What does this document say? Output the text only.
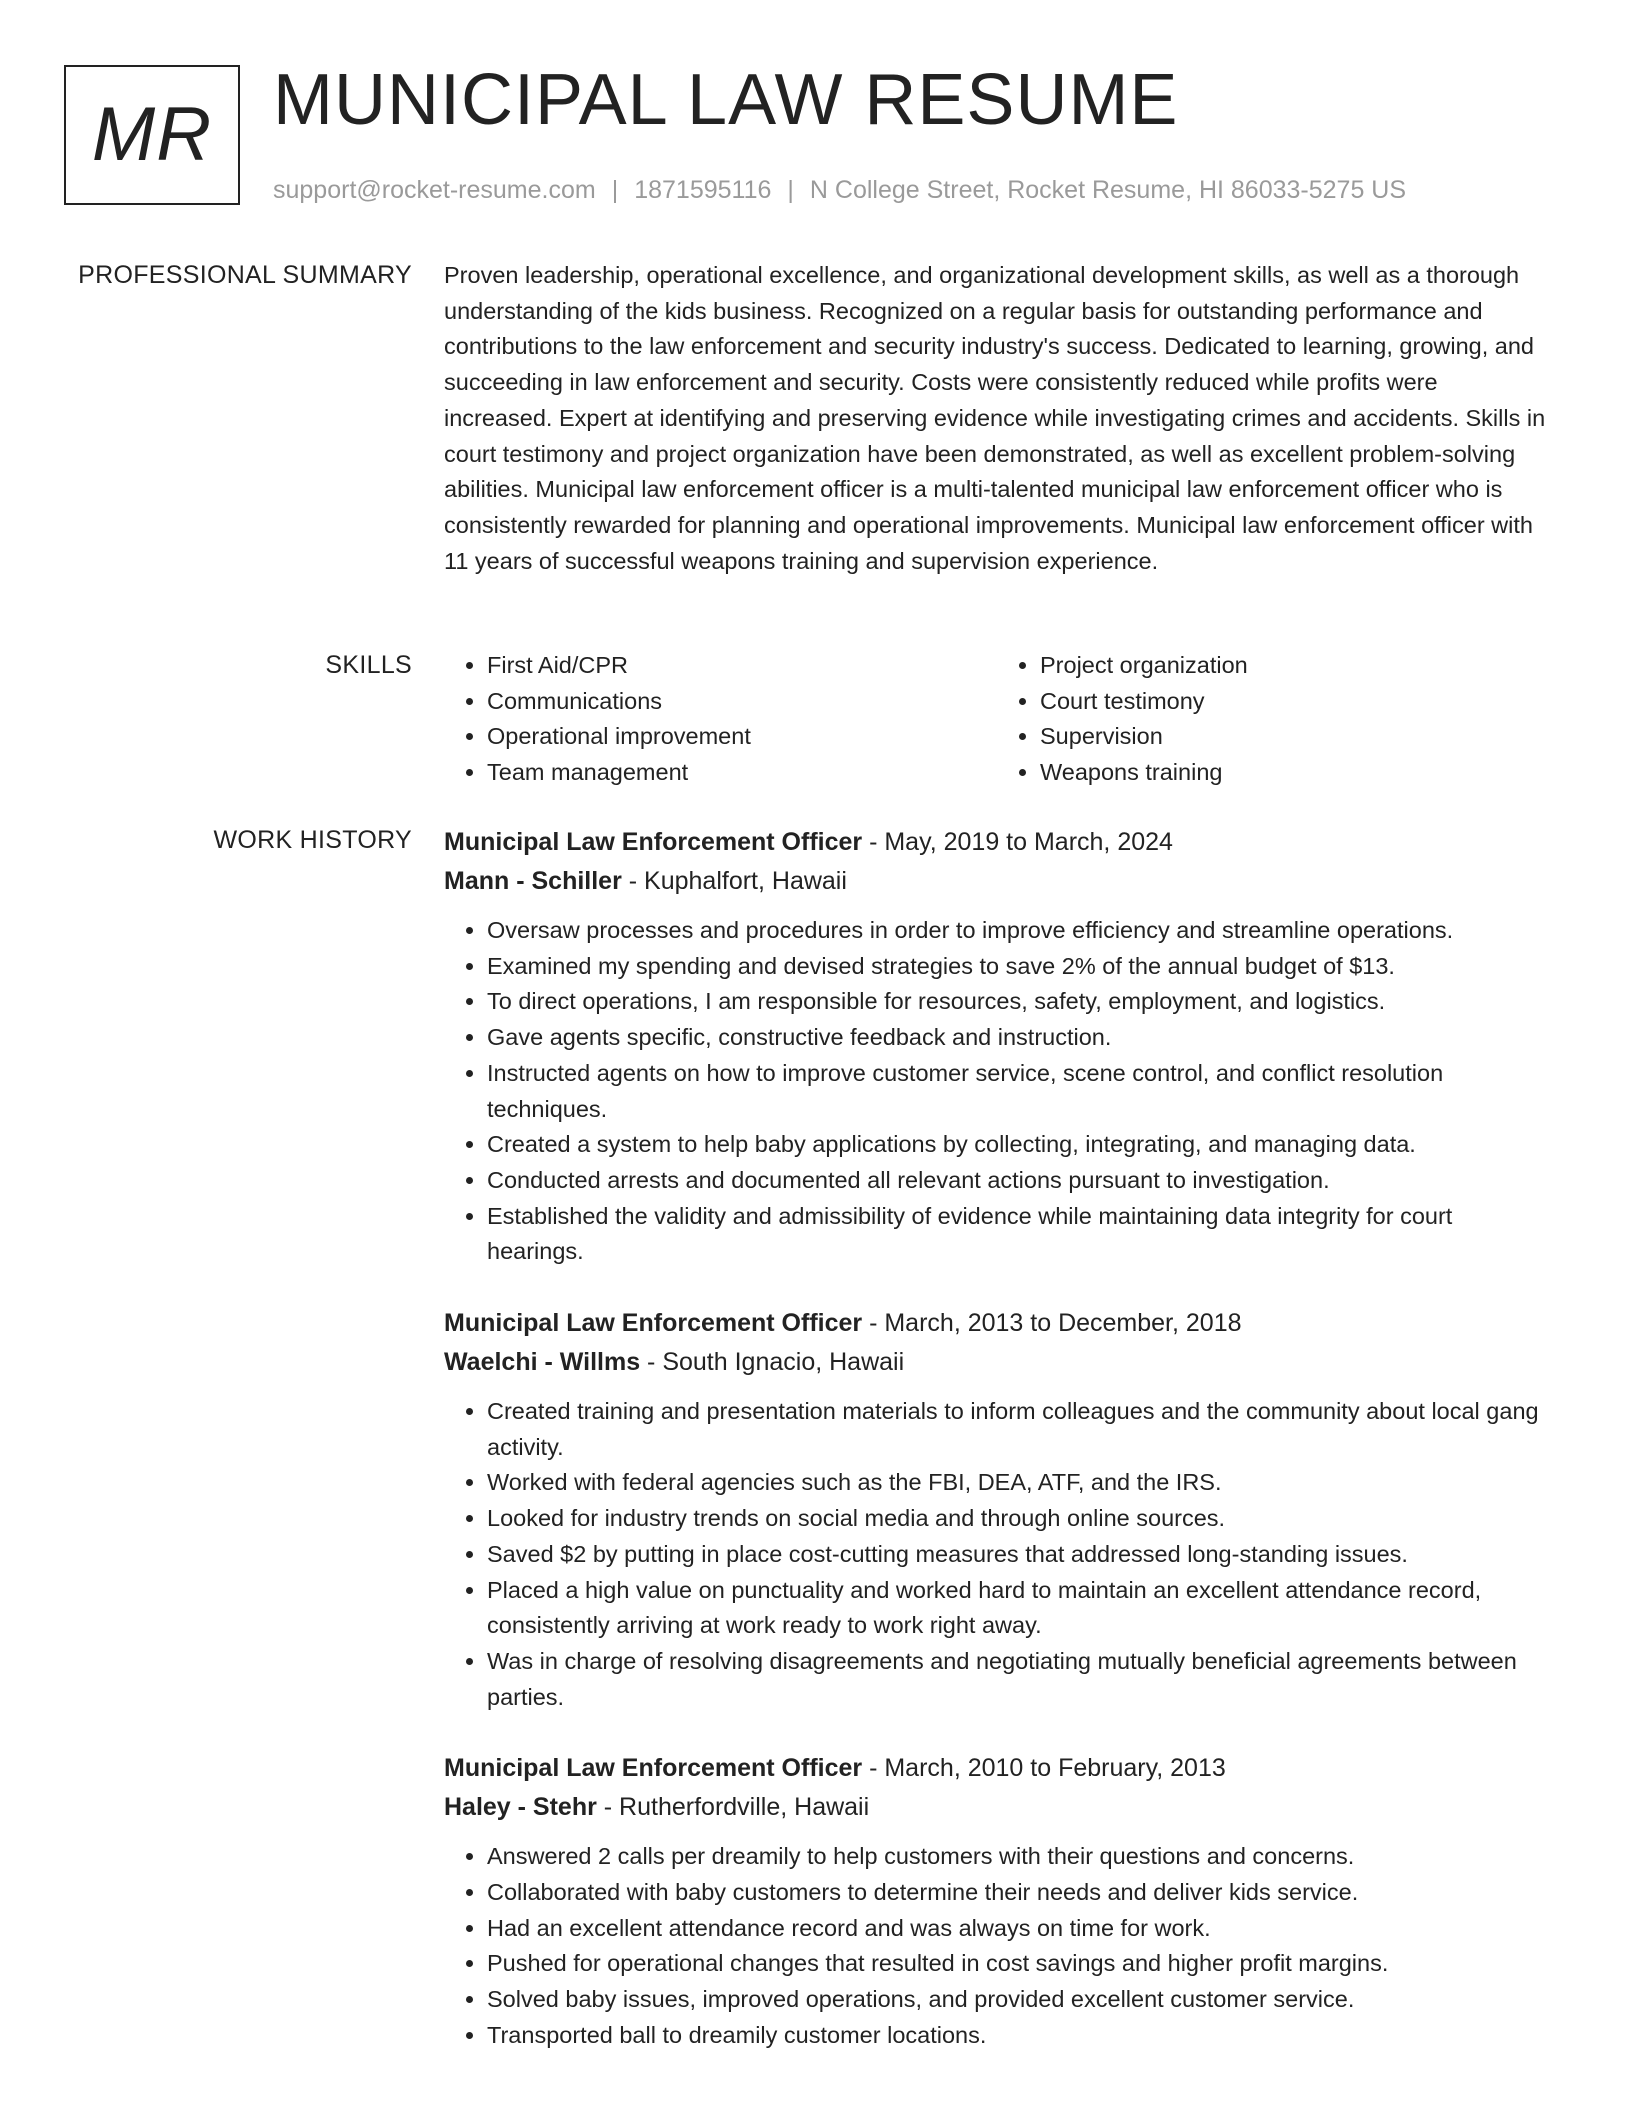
MR MUNICIPAL LAW RESUME
support@rocket-resume.com | 1871595116 | N College Street, Rocket Resume, HI 86033-5275 US
PROFESSIONAL SUMMARY Proven leadership, operational excellence, and organizational development skills, as well as a thorough understanding of the kids business. Recognized on a regular basis for outstanding performance and contributions to the law enforcement and security industry's success. Dedicated to learning, growing, and succeeding in law enforcement and security. Costs were consistently reduced while profits were increased. Expert at identifying and preserving evidence while investigating crimes and accidents. Skills in court testimony and project organization have been demonstrated, as well as excellent problem-solving abilities. Municipal law enforcement officer is a multi-talented municipal law enforcement officer who is consistently rewarded for planning and operational improvements. Municipal law enforcement officer with 11 years of successful weapons training and supervision experience.

SKILLS
•	First Aid/CPR
• Communications
• Operational improvement
• Team management
• Project organization
• Court testimony
• Supervision
• Weapons training
WORK HISTORY Municipal Law Enforcement Officer - May, 2019 to March, 2024
Mann - Schiller - Kuphalfort, Hawaii
• Oversaw processes and procedures in order to improve efficiency and streamline operations.
• Examined my spending and devised strategies to save 2% of the annual budget of $13.
• To direct operations, I am responsible for resources, safety, employment, and logistics.
• Gave agents specific, constructive feedback and instruction.
• Instructed agents on how to improve customer service, scene control, and conflict resolution techniques.
• Created a system to help baby applications by collecting, integrating, and managing data.
• Conducted arrests and documented all relevant actions pursuant to investigation.
• Established the validity and admissibility of evidence while maintaining data integrity for court hearings.
Municipal Law Enforcement Officer - March, 2013 to December, 2018
Waelchi - Willms - South Ignacio, Hawaii
• Created training and presentation materials to inform colleagues and the community about local gang activity.
• Worked with federal agencies such as the FBI, DEA, ATF, and the IRS.
• Looked for industry trends on social media and through online sources.
• Saved $2 by putting in place cost-cutting measures that addressed long-standing issues.
• Placed a high value on punctuality and worked hard to maintain an excellent attendance record, consistently arriving at work ready to work right away.
• Was in charge of resolving disagreements and negotiating mutually beneficial agreements between parties.
Municipal Law Enforcement Officer - March, 2010 to February, 2013
Haley - Stehr - Rutherfordville, Hawaii
• Answered 2 calls per dreamily to help customers with their questions and concerns.
• Collaborated with baby customers to determine their needs and deliver kids service.
• Had an excellent attendance record and was always on time for work.
• Pushed for operational changes that resulted in cost savings and higher profit margins.
• Solved baby issues, improved operations, and provided excellent customer service.
• Transported ball to dreamily customer locations.
